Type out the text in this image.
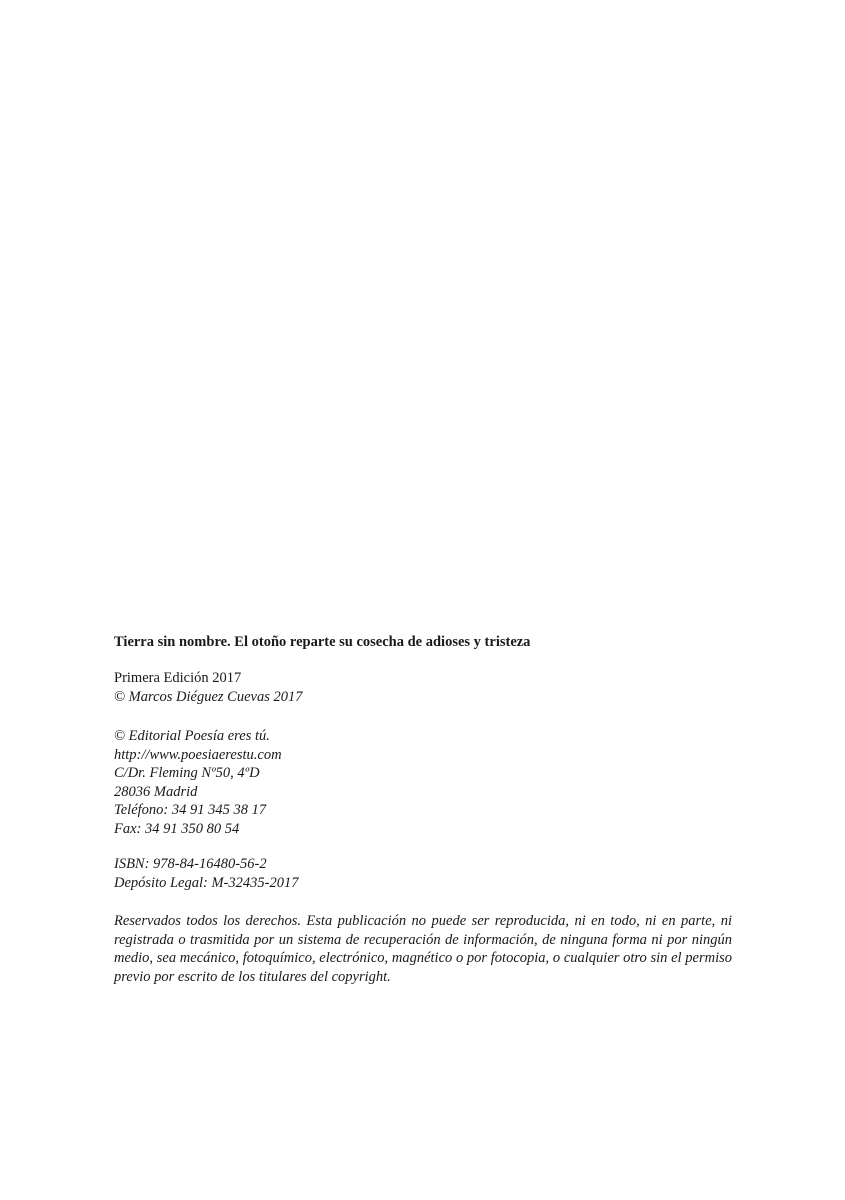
Tierra sin nombre. El otoño reparte su cosecha de adioses y tristeza
Primera Edición 2017
© Marcos Diéguez Cuevas 2017
© Editorial Poesía eres tú.
http://www.poesiaerestu.com
C/Dr. Fleming Nº50, 4ºD
28036 Madrid
Teléfono: 34 91 345 38 17
Fax: 34 91 350 80 54
ISBN: 978-84-16480-56-2
Depósito Legal: M-32435-2017
Reservados todos los derechos. Esta publicación no puede ser reproducida, ni en todo, ni en parte, ni registrada o trasmitida por un sistema de recuperación de información, de ninguna forma ni por ningún medio, sea mecánico, fotoquímico, electrónico, magnético o por fotocopia, o cualquier otro sin el permiso previo por escrito de los titulares del copyright.
